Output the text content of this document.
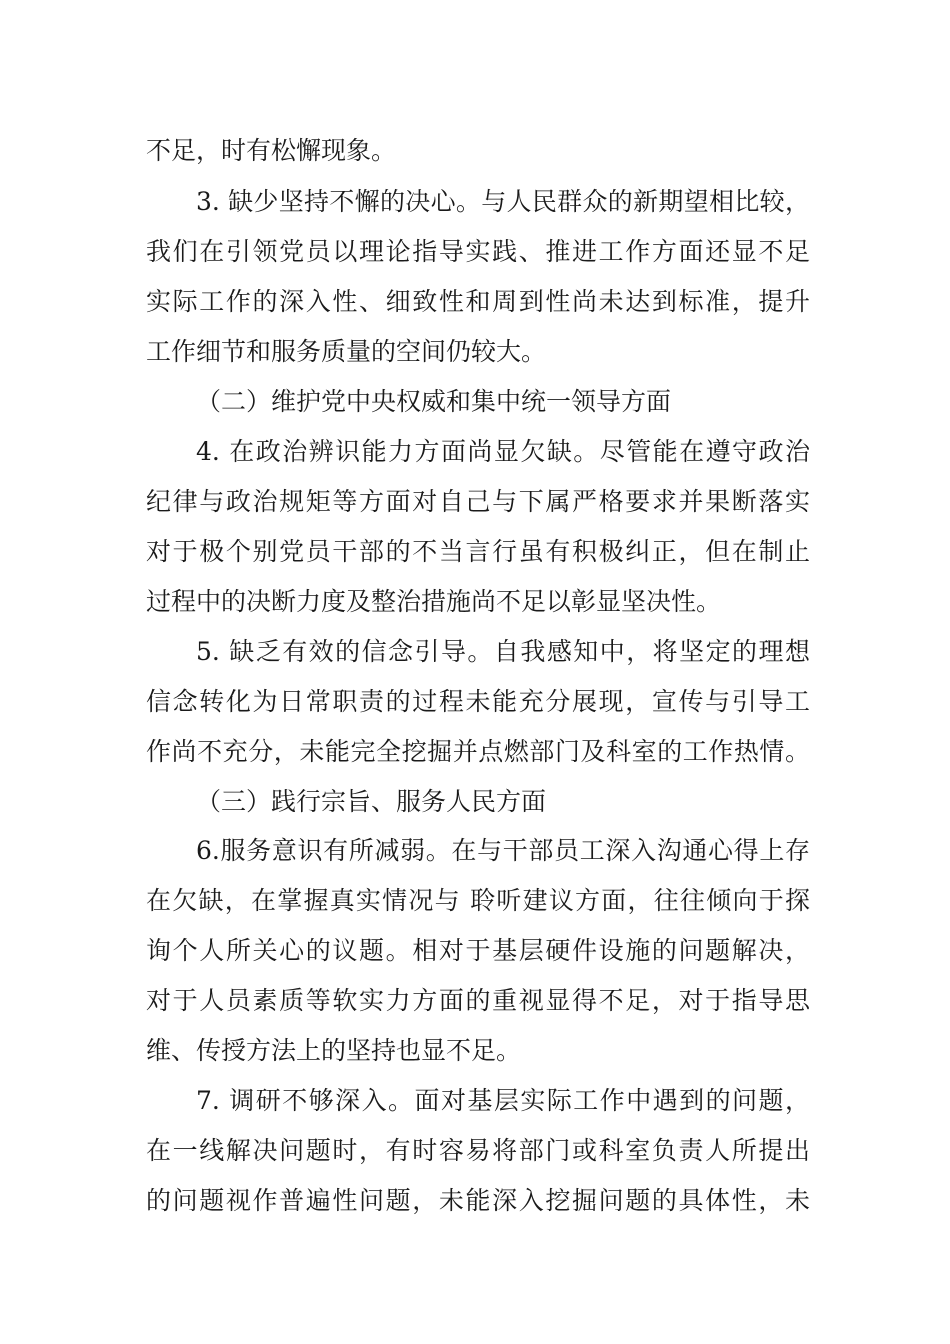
不足，时有松懈现象。
3. 缺少坚持不懈的决心。与人民群众的新期望相比较，
我们在引领党员以理论指导实践、推进工作方面还显不足
实际工作的深入性、细致性和周到性尚未达到标准，提升
工作细节和服务质量的空间仍较大。
（二）维护党中央权威和集中统一领导方面
4. 在政治辨识能力方面尚显欠缺。尽管能在遵守政治
纪律与政治规矩等方面对自己与下属严格要求并果断落实
对于极个别党员干部的不当言行虽有积极纠正，但在制止
过程中的决断力度及整治措施尚不足以彰显坚决性。
5. 缺乏有效的信念引导。自我感知中，将坚定的理想
信念转化为日常职责的过程未能充分展现，宣传与引导工
作尚不充分，未能完全挖掘并点燃部门及科室的工作热情。
（三）践行宗旨、服务人民方面
6.服务意识有所减弱。在与干部员工深入沟通心得上存
在欠缺，在掌握真实情况与 聆听建议方面，往往倾向于探
询个人所关心的议题。相对于基层硬件设施的问题解决，
对于人员素质等软实力方面的重视显得不足，对于指导思
维、传授方法上的坚持也显不足。
7. 调研不够深入。面对基层实际工作中遇到的问题，
在一线解决问题时，有时容易将部门或科室负责人所提出
的问题视作普遍性问题，未能深入挖掘问题的具体性，未
